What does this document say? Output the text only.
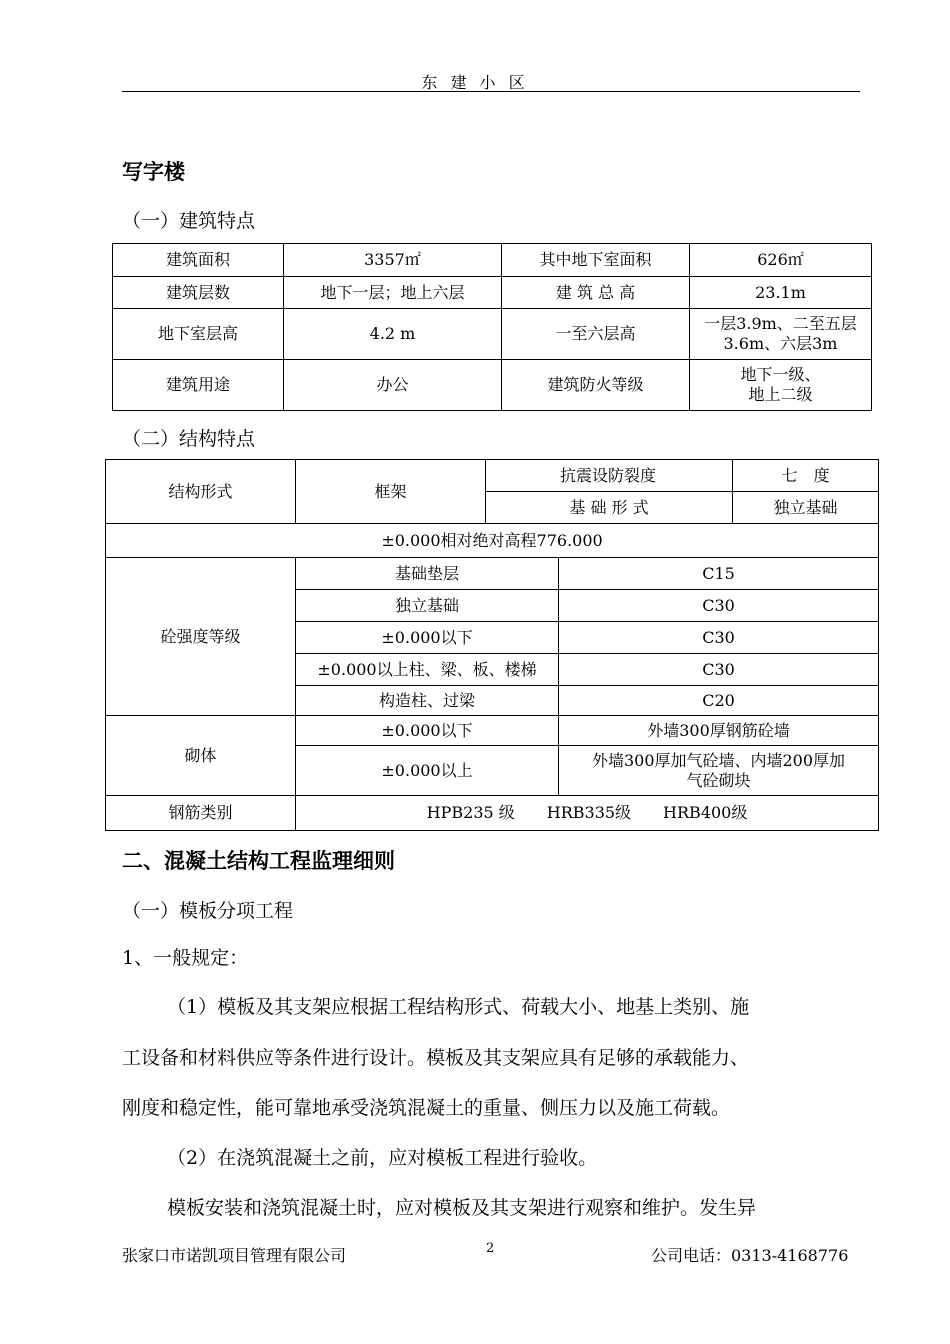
东 建 小 区
写字楼
（一）建筑特点
建筑面积	3357㎡	其中地下室面积	626㎡
建筑层数	地下一层；地上六层	建 筑 总 高	23.1m
地下室层高	4.2 m	一至六层高	一层3.9m、二至五层
3.6m、六层3m

建筑用途	办公	建筑防火等级	地下一级、
地上二级
（二）结构特点
结构形式	框架	抗震设防裂度		七　度
		基 础 形 式		独立基础
±0.000相对绝对高程776.000				
砼强度等级	基础垫层		C15	
	独立基础		C30	
	±0.000以下		C30	
	±0.000以上柱、梁、板、楼梯		C30	
	构造柱、过梁		C20	
砌体	±0.000以下		外墙300厚钢筋砼墙	
	±0.000以上		外墙300厚加气砼墙、内墙200厚加
气砼砌块	

钢筋类别	HPB235 级　　HRB335级　　HRB400级			
二、混凝土结构工程监理细则
（一）模板分项工程
1、一般规定：
（1）模板及其支架应根据工程结构形式、荷载大小、地基上类别、施
工设备和材料供应等条件进行设计。模板及其支架应具有足够的承载能力、
刚度和稳定性，能可靠地承受浇筑混凝土的重量、侧压力以及施工荷载。
（2）在浇筑混凝土之前，应对模板工程进行验收。
模板安装和浇筑混凝土时，应对模板及其支架进行观察和维护。发生异
张家口市诺凯项目管理有限公司	2	公司电话：0313-4168776
